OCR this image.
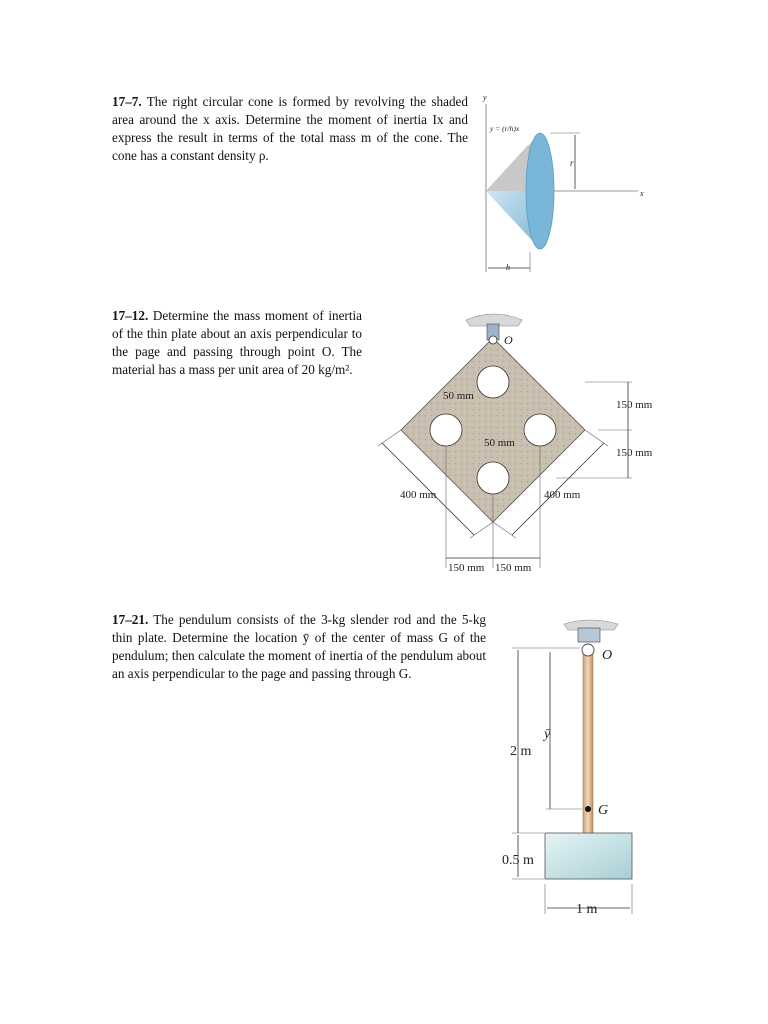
17–7. The right circular cone is formed by revolving the shaded area around the x axis. Determine the moment of inertia Ix and express the result in terms of the total mass m of the cone. The cone has a constant density ρ.	r
h
y
x
y = (r/h)x

17–12. Determine the mass moment of inertia of the thin plate about an axis perpendicular to the page and passing through point O. The material has a mass per unit area of 20 kg/m².

O
50 mm
50 mm
150 mm
150 mm
400 mm	400 mm
150 mm 150 mm

17–21. The pendulum consists of the 3-kg slender rod and the 5-kg thin plate. Determine the location ȳ of the center of mass G of the pendulum; then calculate the moment of inertia of the pendulum about an axis perpendicular to the page and passing through G.

O
G
2 m
0.5 m
ȳ
1 m
